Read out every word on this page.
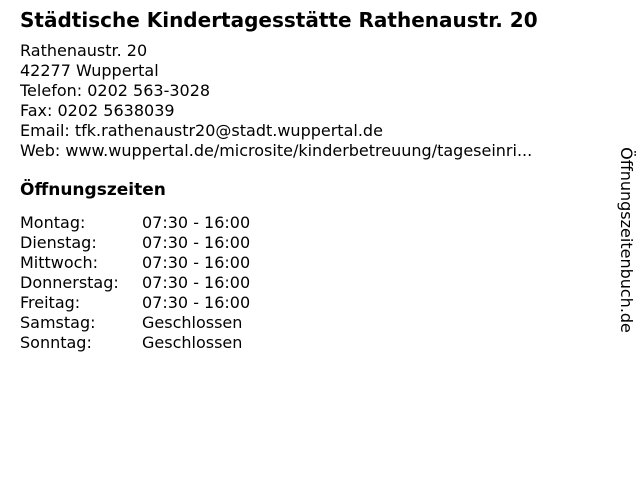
Städtische Kindertagesstätte Rathenaustr. 20
Rathenaustr. 20
42277 Wuppertal
Telefon: 0202 563-3028
Fax: 0202 5638039
Email: tfk.rathenaustr20@stadt.wuppertal.de
Web: www.wuppertal.de/microsite/kinderbetreuung/tageseinri...
Öffnungszeiten
Montag:	07:30 - 16:00
Dienstag:	07:30 - 16:00
Mittwoch:	07:30 - 16:00
Donnerstag:	07:30 - 16:00
Freitag:	07:30 - 16:00
Samstag:	Geschlossen
Sonntag:	Geschlossen
Öffnungszeitenbuch.de
